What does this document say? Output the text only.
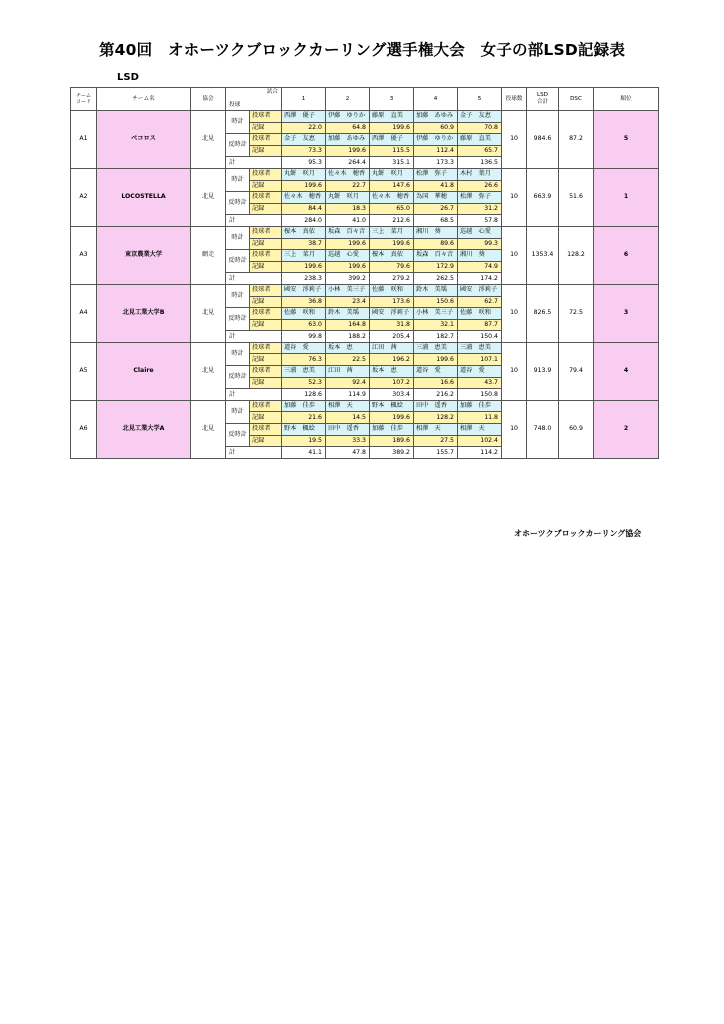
第40回　オホーツクブロックカーリング選手権大会　女子の部LSD記録表
LSD
チーム
コード	チーム名	協会	試合
投球		1	2	3	4	5	投球数	LSD
合計	DSC	順位
A1	ペコロス	北見	時計	投球者	西澤　優子	伊藤　ゆりか	藤原　直美	加藤　あゆみ	金子　友恵	10	984.6	87.2	5
				記録	22.0	64.8	199.6	60.9	70.8				
			反時計	投球者	金子　友恵	加藤　あゆみ	西澤　優子	伊藤　ゆりか	藤原　直美				
				記録	73.3	199.6	115.5	112.4	65.7				
			計		95.3	264.4	315.1	173.3	136.5				
A2	LOCOSTELLA	北見	時計	投球者	丸餅　咲月	佐々木　穂香	丸餅　咲月	松澤　弥子	木村　葉月	10	663.9	51.6	1
				記録	199.6	22.7	147.6	41.8	26.6				
			反時計	投球者	佐々木　穂香	丸餅　咲月	佐々木　穂香	為国　華穂	松澤　弥子				
				記録	84.4	18.3	65.0	26.7	31.2				
			計		284.0	41.0	212.6	68.5	57.8				
A3	東京農業大学	網走	時計	投球者	榎本　真依	坂森　百々音	三上　菜月	湘川　葵	巡越　心愛	10	1353.4	128.2	6
				記録	38.7	199.6	199.6	89.6	99.3				
			反時計	投球者	三上　菜月	巡越　心愛	榎本　真依	坂森　百々音	湘川　葵				
				記録	199.6	199.6	79.6	172.9	74.9				
			計		238.3	399.2	279.2	262.5	174.2				
A4	北見工業大学B	北見	時計	投球者	國安　澪莉子	小林　美三子	佐藤　咲和	鈴木　美瑀	國安　澪莉子	10	826.5	72.5	3
				記録	36.8	23.4	173.6	150.6	62.7				
			反時計	投球者	佐藤　咲和	鈴木　美瑀	國安　澪莉子	小林　美三子	佐藤　咲和				
				記録	63.0	164.8	31.8	32.1	87.7				
			計		99.8	188.2	205.4	182.7	150.4				
A5	Claire	北見	時計	投球者	道谷　愛	坂本　恵	江田　茜	三浦　恵美	三浦　恵美	10	913.9	79.4	4
				記録	76.3	22.5	196.2	199.6	107.1				
			反時計	投球者	三浦　恵美	江田　茜	坂本　恵	道谷　愛	道谷　愛				
				記録	52.3	92.4	107.2	16.6	43.7				
			計		128.6	114.9	303.4	216.2	150.8				
A6	北見工業大学A	北見	時計	投球者	加藤　佳歩	相澤　天	野本　楓絵	田中　遥香	加藤　佳歩	10	748.0	60.9	2
				記録	21.6	14.5	199.6	128.2	11.8				
			反時計	投球者	野本　楓絵	田中　遥香	加藤　佳歩	相澤　天	相澤　天				
				記録	19.5	33.3	189.6	27.5	102.4				
			計		41.1	47.8	389.2	155.7	114.2				
オホーツクブロックカーリング協会
